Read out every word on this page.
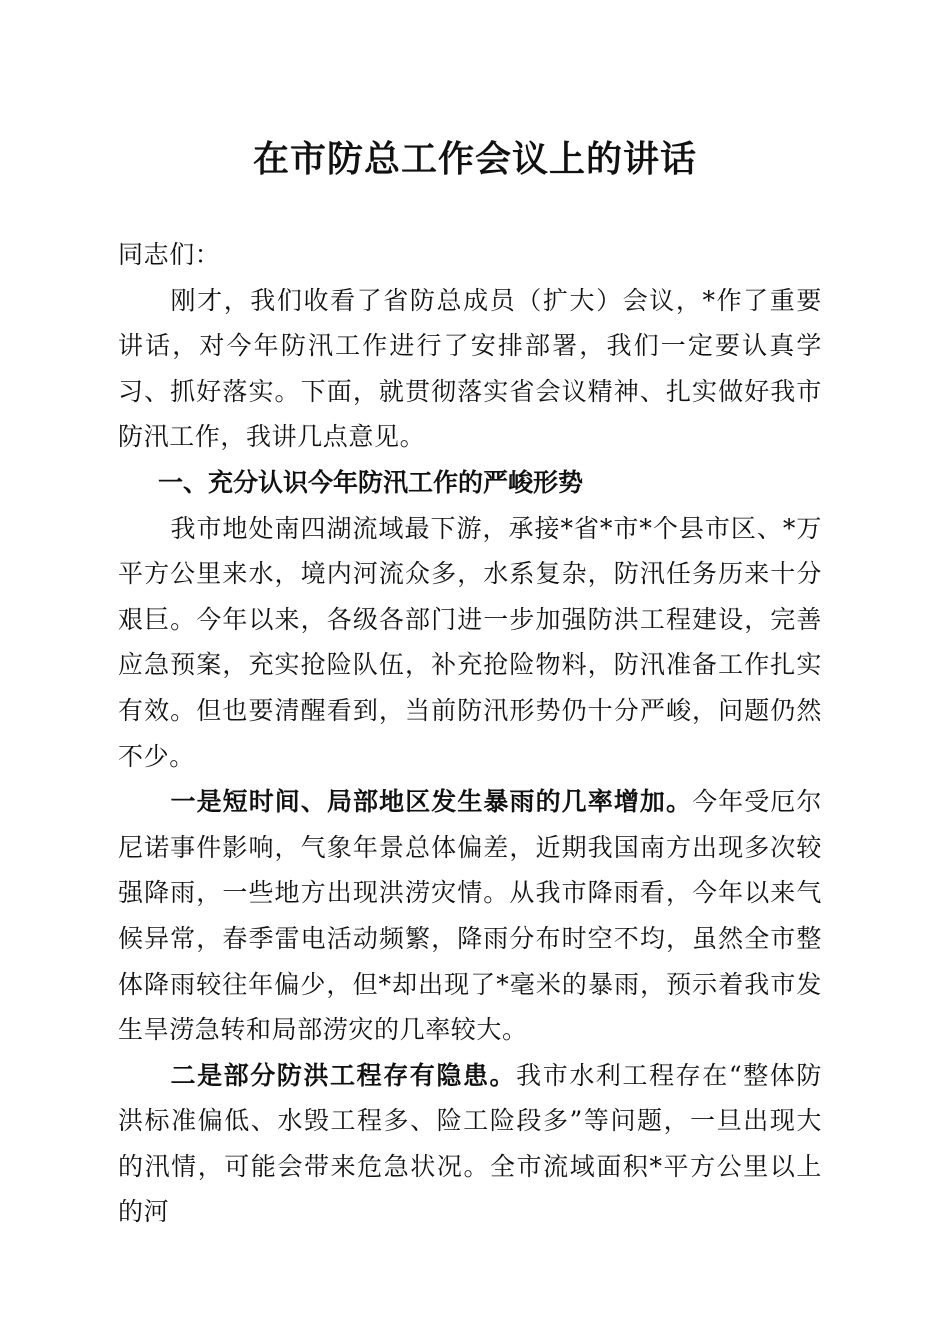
在市防总工作会议上的讲话

同志们：

刚才，我们收看了省防总成员（扩大）会议，*作了重要讲话，对今年防汛工作进行了安排部署，我们一定要认真学习、抓好落实。下面，就贯彻落实省会议精神、扎实做好我市防汛工作，我讲几点意见。

一、充分认识今年防汛工作的严峻形势

我市地处南四湖流域最下游，承接*省*市*个县市区、*万平方公里来水，境内河流众多，水系复杂，防汛任务历来十分艰巨。今年以来，各级各部门进一步加强防洪工程建设，完善应急预案，充实抢险队伍，补充抢险物料，防汛准备工作扎实有效。但也要清醒看到，当前防汛形势仍十分严峻，问题仍然不少。

一是短时间、局部地区发生暴雨的几率增加。今年受厄尔尼诺事件影响，气象年景总体偏差，近期我国南方出现多次较强降雨，一些地方出现洪涝灾情。从我市降雨看，今年以来气候异常，春季雷电活动频繁，降雨分布时空不均，虽然全市整体降雨较往年偏少，但*却出现了*毫米的暴雨，预示着我市发生旱涝急转和局部涝灾的几率较大。

二是部分防洪工程存有隐患。我市水利工程存在“整体防洪标准偏低、水毁工程多、险工险段多”等问题，一旦出现大的汛情，可能会带来危急状况。全市流域面积*平方公里以上的河
